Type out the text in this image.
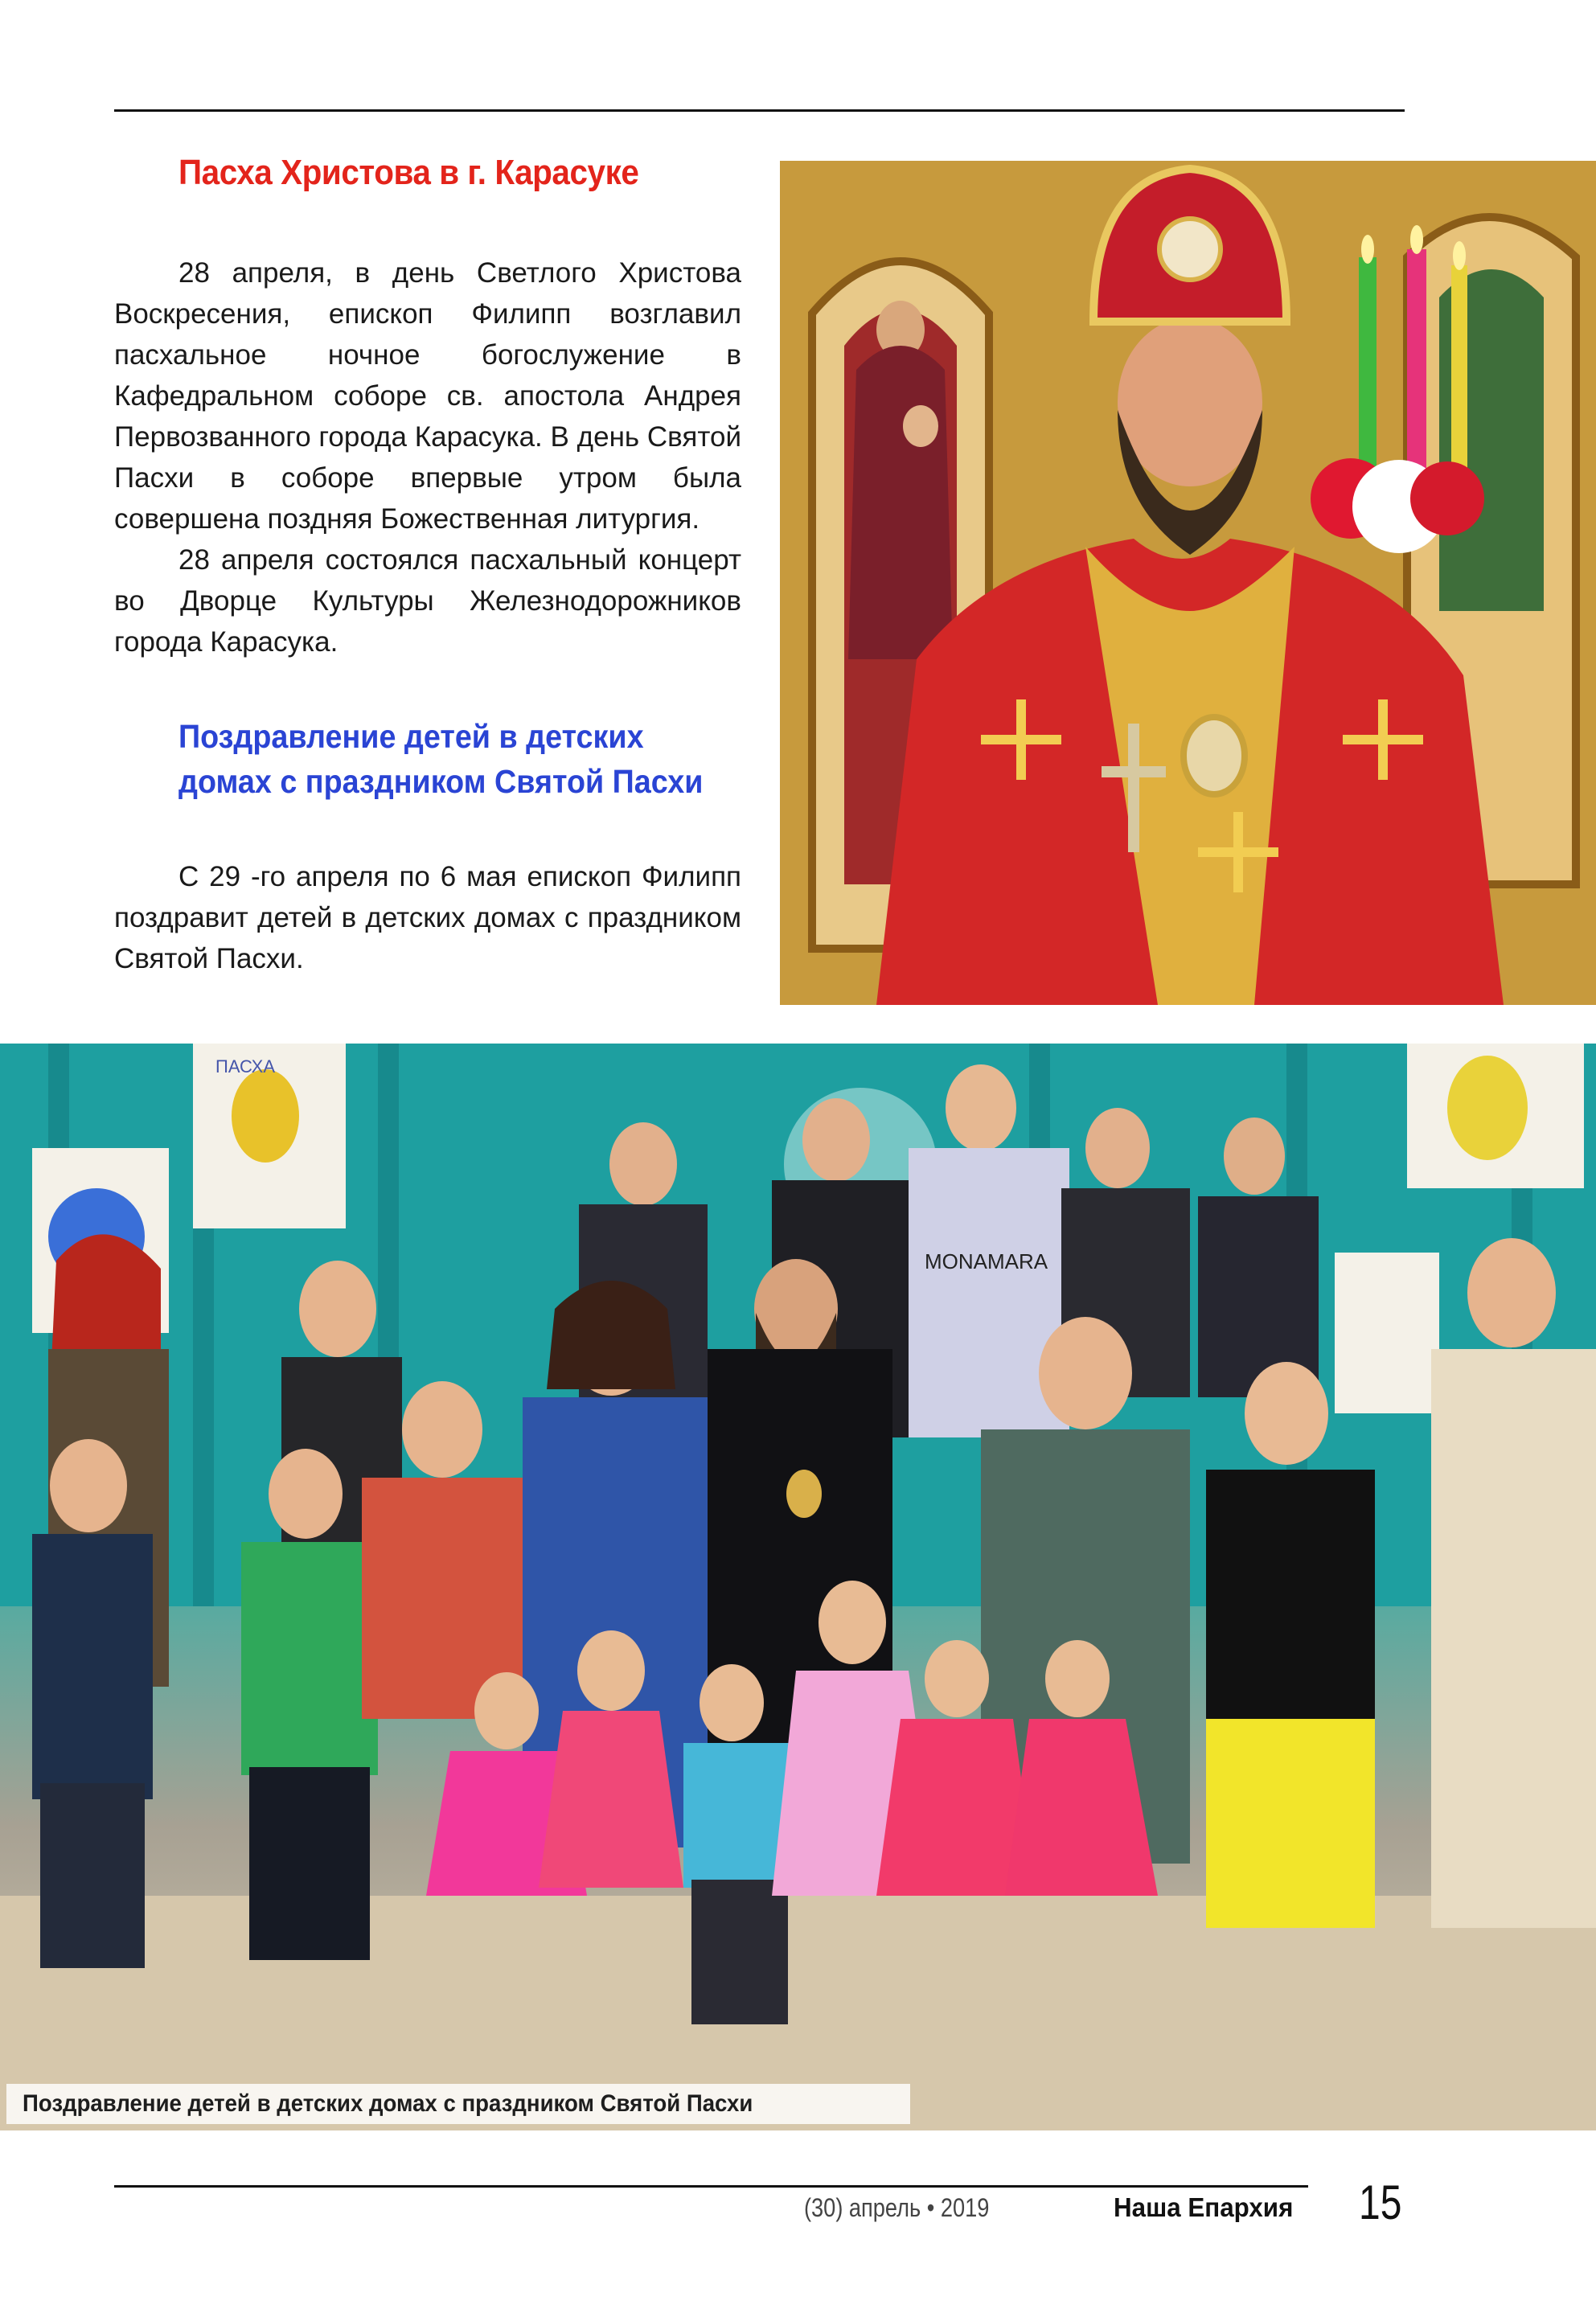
Пасха Христова в г. Карасуке

28 апреля, в день Светлого Христова Воскресения, епископ Филипп возглавил пасхальное ночное богослужение в Кафедральном соборе св. апостола Андрея Первозванного города Карасука. В день Святой Пасхи в соборе впервые утром была совершена поздняя Божественная литургия.

28 апреля состоялся пасхальный концерт во Дворце Культуры Железнодорожников города Карасука.

Поздравление детей в детских домах с праздником Святой Пасхи

С 29 -го апреля по 6 мая епископ Филипп поздравит детей в детских домах с праздником Святой Пасхи.

ПАСХА
MONAMARA
Поздравление детей в детских домах с праздником Святой Пасхи
(30) апрель • 2019	Наша Епархия 15
